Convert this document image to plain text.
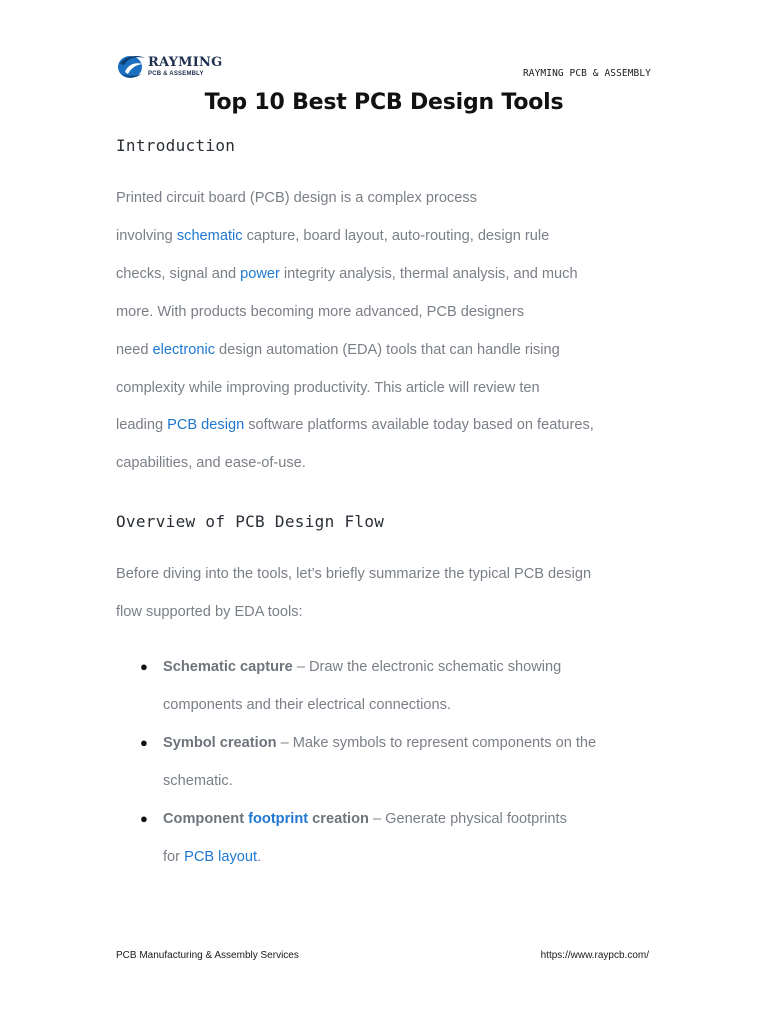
RAYMING
PCB & ASSEMBLY	RAYMING PCB & ASSEMBLY
Top 10 Best PCB Design Tools
Introduction

Printed circuit board (PCB) design is a complex process
involving schematic capture, board layout, auto-routing, design rule
checks, signal and power integrity analysis, thermal analysis, and much
more. With products becoming more advanced, PCB designers
need electronic design automation (EDA) tools that can handle rising
complexity while improving productivity. This article will review ten
leading PCB design software platforms available today based on features,
capabilities, and ease-of-use.

Overview of PCB Design Flow

Before diving into the tools, let’s briefly summarize the typical PCB design
flow supported by EDA tools:

● Schematic capture – Draw the electronic schematic showing
components and their electrical connections.
● Symbol creation – Make symbols to represent components on the
schematic.
● Component footprint creation – Generate physical footprints
for PCB layout.
PCB Manufacturing & Assembly Services	https://www.raypcb.com/
